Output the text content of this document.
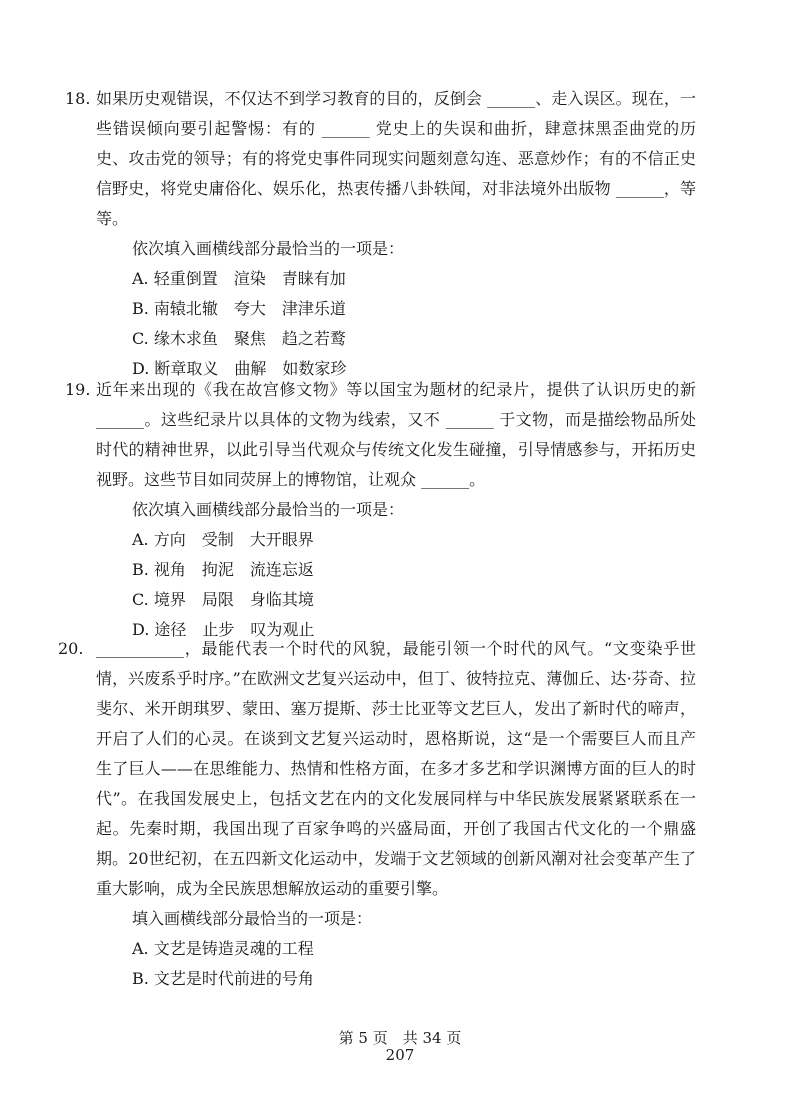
18. 如果历史观错误，不仅达不到学习教育的目的，反倒会 ______、走入误区。现在，一些错误倾向要引起警惕：有的 ______ 党史上的失误和曲折，肆意抹黑歪曲党的历史、攻击党的领导；有的将党史事件同现实问题刻意勾连、恶意炒作；有的不信正史信野史，将党史庸俗化、娱乐化，热衷传播八卦轶闻，对非法境外出版物 ______，等等。

依次填入画横线部分最恰当的一项是：

A. 轻重倒置　渲染　青睐有加

B. 南辕北辙　夸大　津津乐道

C. 缘木求鱼　聚焦　趋之若鹜

D. 断章取义　曲解　如数家珍

19. 近年来出现的《我在故宫修文物》等以国宝为题材的纪录片，提供了认识历史的新 ______。这些纪录片以具体的文物为线索，又不 ______ 于文物，而是描绘物品所处时代的精神世界，以此引导当代观众与传统文化发生碰撞，引导情感参与，开拓历史视野。这些节目如同荧屏上的博物馆，让观众 ______。

依次填入画横线部分最恰当的一项是：

A. 方向　受制　大开眼界

B. 视角　拘泥　流连忘返

C. 境界　局限　身临其境

D. 途径　止步　叹为观止

20. ___________，最能代表一个时代的风貌，最能引领一个时代的风气。“文变染乎世情，兴废系乎时序。”在欧洲文艺复兴运动中，但丁、彼特拉克、薄伽丘、达·芬奇、拉斐尔、米开朗琪罗、蒙田、塞万提斯、莎士比亚等文艺巨人，发出了新时代的啼声，开启了人们的心灵。在谈到文艺复兴运动时，恩格斯说，这“是一个需要巨人而且产生了巨人——在思维能力、热情和性格方面，在多才多艺和学识渊博方面的巨人的时代”。在我国发展史上，包括文艺在内的文化发展同样与中华民族发展紧紧联系在一起。先秦时期，我国出现了百家争鸣的兴盛局面，开创了我国古代文化的一个鼎盛期。20世纪初，在五四新文化运动中，发端于文艺领域的创新风潮对社会变革产生了重大影响，成为全民族思想解放运动的重要引擎。

填入画横线部分最恰当的一项是：

A. 文艺是铸造灵魂的工程

B. 文艺是时代前进的号角

第 5 页　共 34 页
207
